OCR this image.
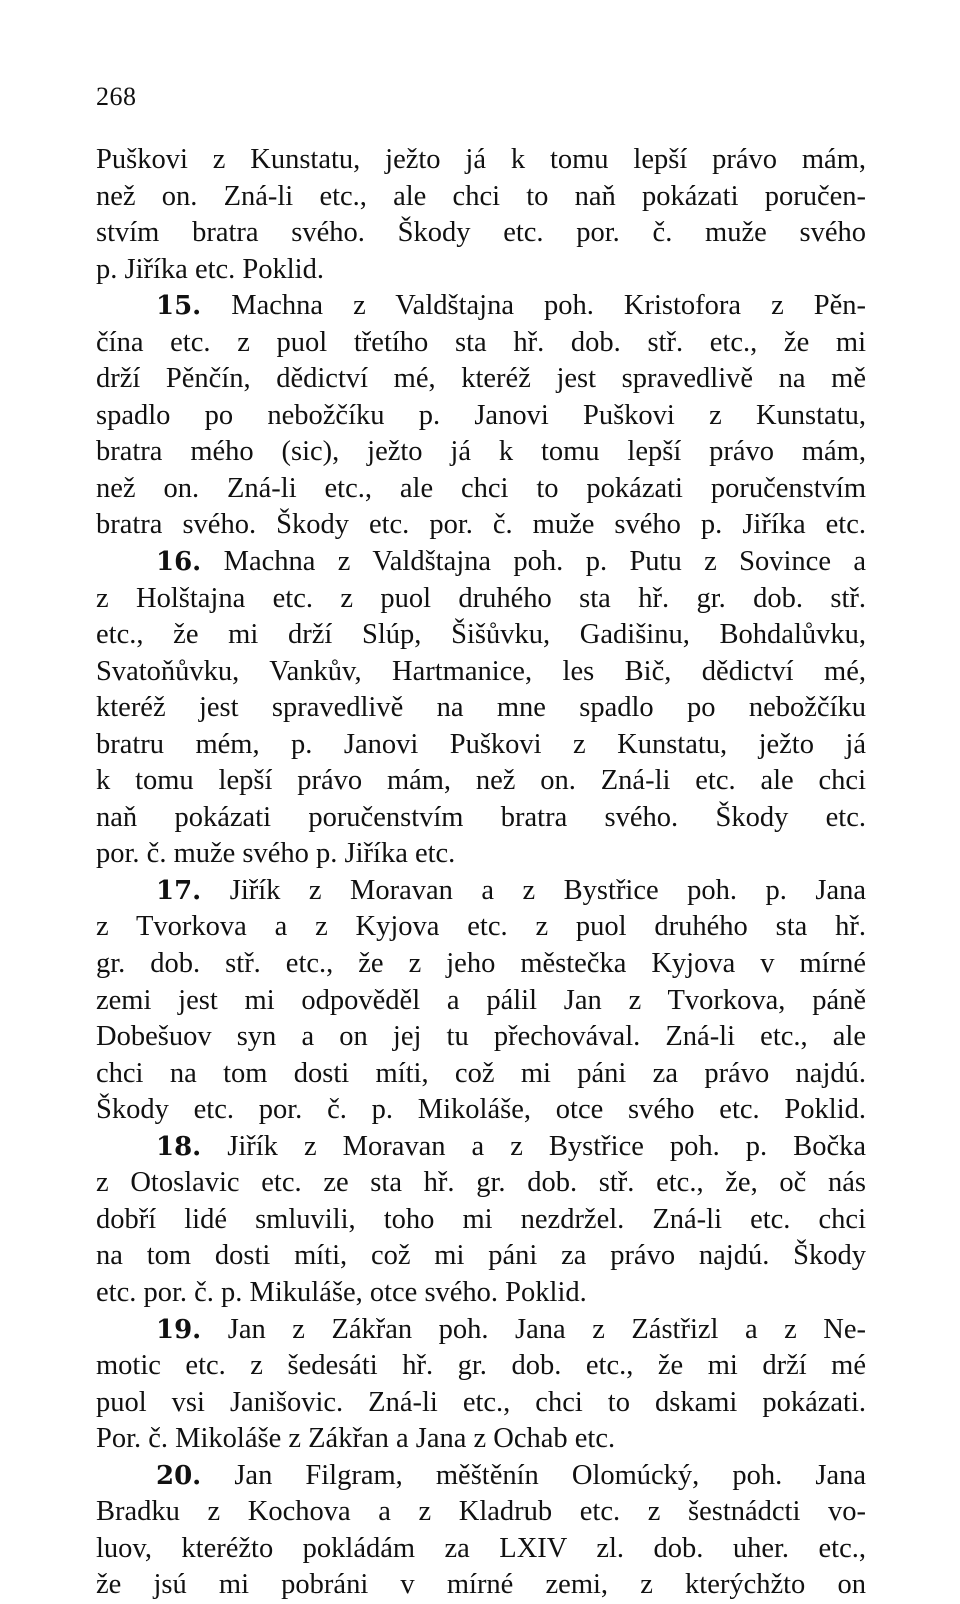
268
Puškovi z Kunstatu, ježto já k tomu lepší právo mám,
než on. Zná-li etc., ale chci to naň pokázati poručen-
stvím bratra svého. Škody etc. por. č. muže svého
p. Jiříka etc. Poklid.
15. Machna z Valdštajna poh. Kristofora z Pěn-
čína etc. z puol třetího sta hř. dob. stř. etc., že mi
drží Pěnčín, dědictví mé, kteréž jest spravedlivě na mě
spadlo po nebožčíku p. Janovi Puškovi z Kunstatu,
bratra mého (sic), ježto já k tomu lepší právo mám,
než on. Zná-li etc., ale chci to pokázati poručenstvím
bratra svého. Škody etc. por. č. muže svého p. Jiříka etc.
16. Machna z Valdštajna poh. p. Putu z Sovince a
z Holštajna etc. z puol druhého sta hř. gr. dob. stř.
etc., že mi drží Slúp, Šišůvku, Gadišinu, Bohdalůvku,
Svatoňůvku, Vankův, Hartmanice, les Bič, dědictví mé,
kteréž jest spravedlivě na mne spadlo po nebožčíku
bratru mém, p. Janovi Puškovi z Kunstatu, ježto já
k tomu lepší právo mám, než on. Zná-li etc. ale chci
naň pokázati poručenstvím bratra svého. Škody etc.
por. č. muže svého p. Jiříka etc.
17. Jiřík z Moravan a z Bystřice poh. p. Jana
z Tvorkova a z Kyjova etc. z puol druhého sta hř.
gr. dob. stř. etc., že z jeho městečka Kyjova v mírné
zemi jest mi odpověděl a pálil Jan z Tvorkova, páně
Dobešuov syn a on jej tu přechovával. Zná-li etc., ale
chci na tom dosti míti, což mi páni za právo najdú.
Škody etc. por. č. p. Mikoláše, otce svého etc. Poklid.
18. Jiřík z Moravan a z Bystřice poh. p. Bočka
z Otoslavic etc. ze sta hř. gr. dob. stř. etc., že, oč nás
dobří lidé smluvili, toho mi nezdržel. Zná-li etc. chci
na tom dosti míti, což mi páni za právo najdú. Škody
etc. por. č. p. Mikuláše, otce svého. Poklid.
19. Jan z Zákřan poh. Jana z Zástřizl a z Ne-
motic etc. z šedesáti hř. gr. dob. etc., že mi drží mé
puol vsi Janišovic. Zná-li etc., chci to dskami pokázati.
Por. č. Mikoláše z Zákřan a Jana z Ochab etc.
20. Jan Filgram, měštěnín Olomúcký, poh. Jana
Bradku z Kochova a z Kladrub etc. z šestnádcti vo-
luov, kteréžto pokládám za LXIV zl. dob. uher. etc.,
že jsú mi pobráni v mírné zemi, z kterýchžto on
